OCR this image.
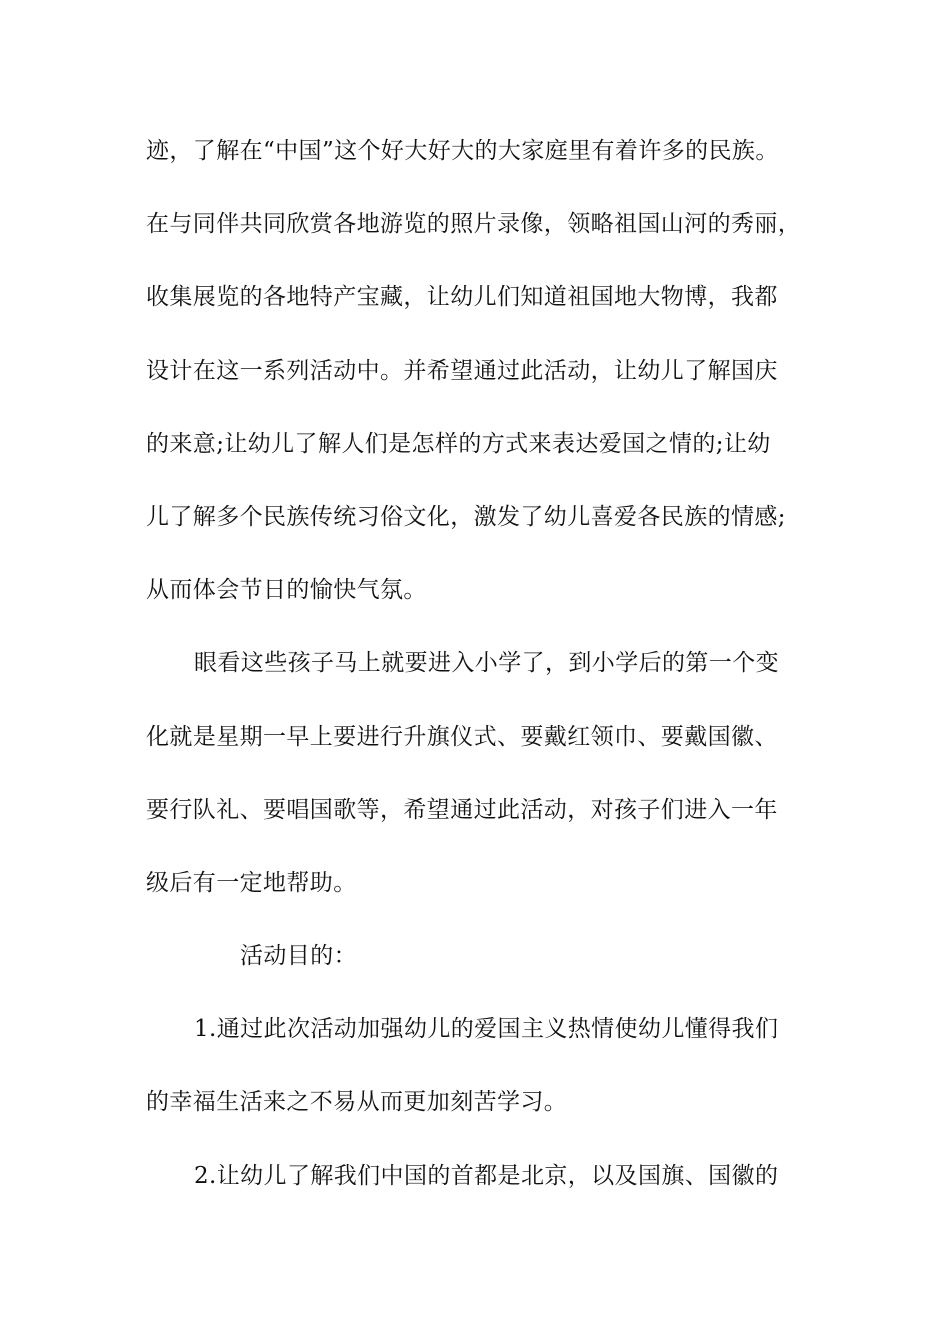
迹，了解在“中国”这个好大好大的大家庭里有着许多的民族。
在与同伴共同欣赏各地游览的照片录像，领略祖国山河的秀丽，
收集展览的各地特产宝藏，让幼儿们知道祖国地大物博，我都
设计在这一系列活动中。并希望通过此活动，让幼儿了解国庆
的来意;让幼儿了解人们是怎样的方式来表达爱国之情的;让幼
儿了解多个民族传统习俗文化，激发了幼儿喜爱各民族的情感;
从而体会节日的愉快气氛。
眼看这些孩子马上就要进入小学了，到小学后的第一个变
化就是星期一早上要进行升旗仪式、要戴红领巾、要戴国徽、
要行队礼、要唱国歌等，希望通过此活动，对孩子们进入一年
级后有一定地帮助。
活动目的：
1.通过此次活动加强幼儿的爱国主义热情使幼儿懂得我们
的幸福生活来之不易从而更加刻苦学习。
2.让幼儿了解我们中国的首都是北京，以及国旗、国徽的
